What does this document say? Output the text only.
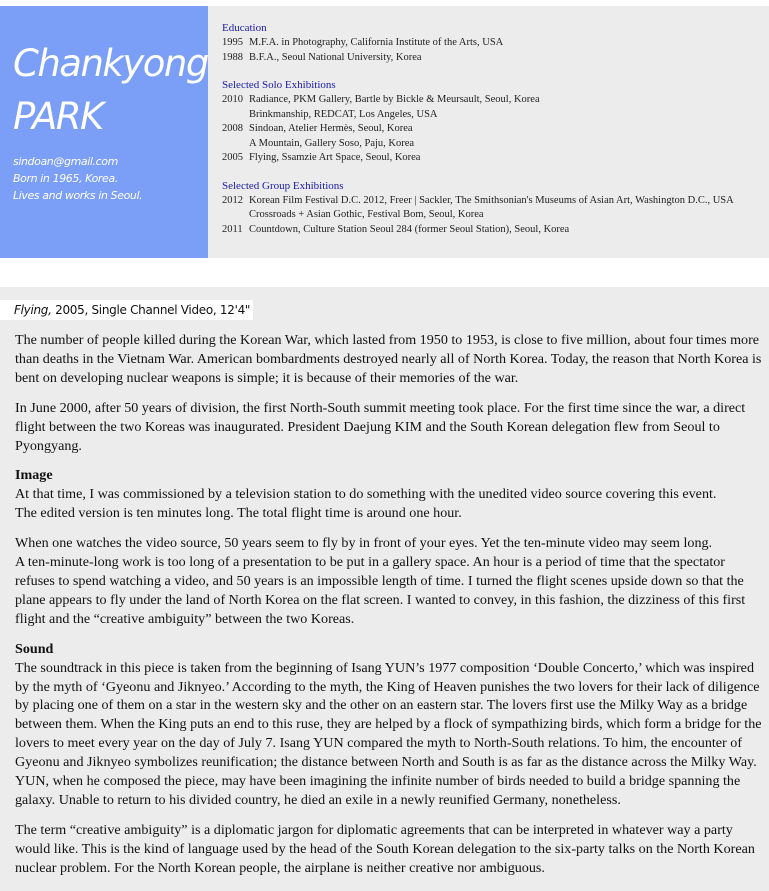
Chankyong
PARK
sindoan@gmail.com
Born in 1965, Korea.
Lives and works in Seoul.
Education
1995 M.F.A. in Photography, California Institute of the Arts, USA
1988 B.F.A., Seoul National University, Korea
Selected Solo Exhibitions
2010 Radiance, PKM Gallery, Bartle by Bickle & Meursault, Seoul, Korea
Brinkmanship, REDCAT, Los Angeles, USA
2008 Sindoan, Atelier Hermès, Seoul, Korea
A Mountain, Gallery Soso, Paju, Korea
2005 Flying, Ssamzie Art Space, Seoul, Korea
Selected Group Exhibitions
2012 Korean Film Festival D.C. 2012, Freer | Sackler, The Smithsonian's Museums of Asian Art, Washington D.C., USA
Crossroads + Asian Gothic, Festival Bom, Seoul, Korea
2011 Countdown, Culture Station Seoul 284 (former Seoul Station), Seoul, Korea
Flying, 2005, Single Channel Video, 12'4"

The number of people killed during the Korean War, which lasted from 1950 to 1953, is close to five million, about four times more than deaths in the Vietnam War. American bombardments destroyed nearly all of North Korea. Today, the reason that North Korea is bent on developing nuclear weapons is simple; it is because of their memories of the war.

In June 2000, after 50 years of division, the first North-South summit meeting took place. For the first time since the war, a direct flight between the two Koreas was inaugurated. President Daejung KIM and the South Korean delegation flew from Seoul to Pyongyang.

Image
At that time, I was commissioned by a television station to do something with the unedited video source covering this event.
The edited version is ten minutes long. The total flight time is around one hour.

When one watches the video source, 50 years seem to fly by in front of your eyes. Yet the ten-minute video may seem long.
A ten-minute-long work is too long of a presentation to be put in a gallery space. An hour is a period of time that the spectator refuses to spend watching a video, and 50 years is an impossible length of time. I turned the flight scenes upside down so that the plane appears to fly under the land of North Korea on the flat screen. I wanted to convey, in this fashion, the dizziness of this first flight and the “creative ambiguity” between the two Koreas.

Sound
The soundtrack in this piece is taken from the beginning of Isang YUN’s 1977 composition ‘Double Concerto,’ which was inspired by the myth of ‘Gyeonu and Jiknyeo.’ According to the myth, the King of Heaven punishes the two lovers for their lack of diligence by placing one of them on a star in the western sky and the other on an eastern star. The lovers first use the Milky Way as a bridge between them. When the King puts an end to this ruse, they are helped by a flock of sympathizing birds, which form a bridge for the lovers to meet every year on the day of July 7. Isang YUN compared the myth to North-South relations. To him, the encounter of Gyeonu and Jiknyeo symbolizes reunification; the distance between North and South is as far as the distance across the Milky Way. YUN, when he composed the piece, may have been imagining the infinite number of birds needed to build a bridge spanning the galaxy. Unable to return to his divided country, he died an exile in a newly reunified Germany, nonetheless.

The term “creative ambiguity” is a diplomatic jargon for diplomatic agreements that can be interpreted in whatever way a party would like. This is the kind of language used by the head of the South Korean delegation to the six-party talks on the North Korean nuclear problem. For the North Korean people, the airplane is neither creative nor ambiguous.
